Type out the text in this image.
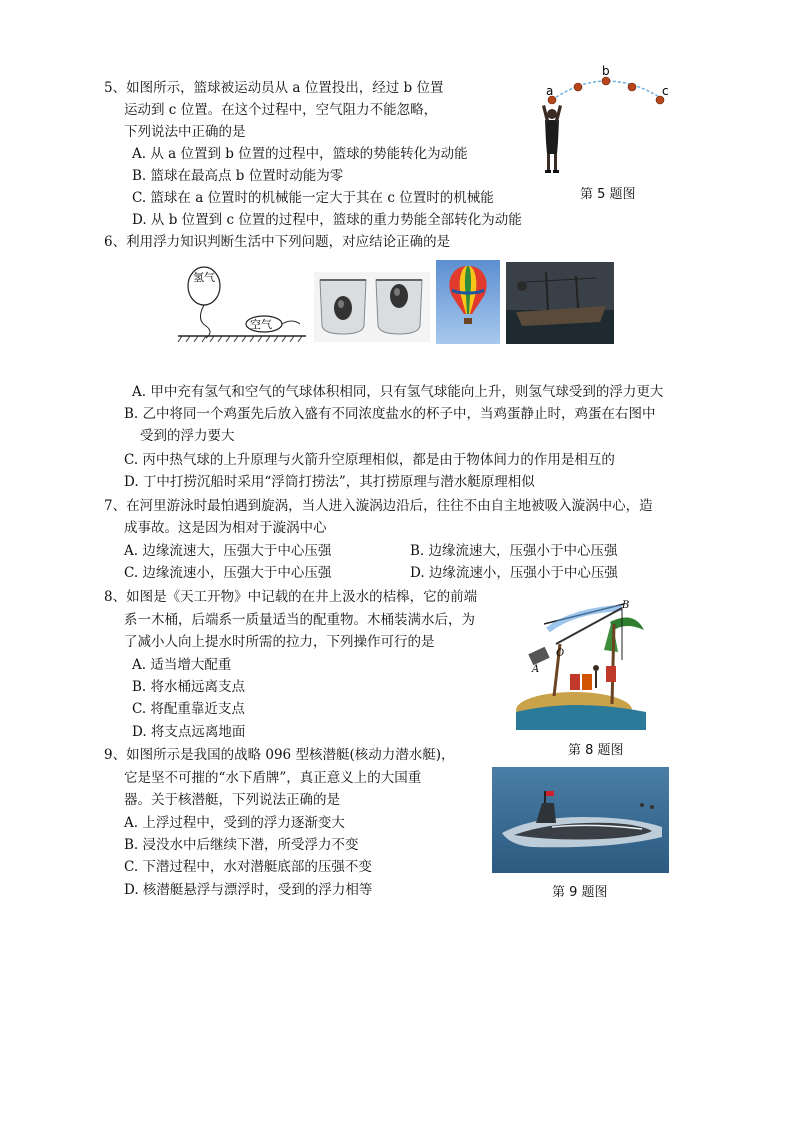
5、如图所示，篮球被运动员从 a 位置投出，经过 b 位置
运动到 c 位置。在这个过程中，空气阻力不能忽略，
下列说法中正确的是
A. 从 a 位置到 b 位置的过程中，篮球的势能转化为动能
B. 篮球在最高点 b 位置时动能为零
C. 篮球在 a 位置时的机械能一定大于其在 c 位置时的机械能
D. 从 b 位置到 c 位置的过程中，篮球的重力势能全部转化为动能
a
b
c
第 5 题图
6、利用浮力知识判断生活中下列问题，对应结论正确的是
氢气
空气
A. 甲中充有氢气和空气的气球体积相同，只有氢气球能向上升，则氢气球受到的浮力更大
B. 乙中将同一个鸡蛋先后放入盛有不同浓度盐水的杯子中，当鸡蛋静止时，鸡蛋在右图中
受到的浮力要大
C. 丙中热气球的上升原理与火箭升空原理相似，都是由于物体间力的作用是相互的
D. 丁中打捞沉船时采用“浮筒打捞法”，其打捞原理与潜水艇原理相似
7、在河里游泳时最怕遇到旋涡，当人进入漩涡边沿后，往往不由自主地被吸入漩涡中心，造
成事故。这是因为相对于漩涡中心
A. 边缘流速大，压强大于中心压强	B. 边缘流速大，压强小于中心压强
C. 边缘流速小，压强大于中心压强	D. 边缘流速小，压强小于中心压强
8、如图是《天工开物》中记载的在井上汲水的桔槔，它的前端
系一木桶，后端系一质量适当的配重物。木桶装满水后，为
了减小人向上提水时所需的拉力，下列操作可行的是
A. 适当增大配重
B. 将水桶远离支点
C. 将配重靠近支点
D. 将支点远离地面
A
O
B
第 8 题图
9、如图所示是我国的战略 096 型核潜艇(核动力潜水艇)，
它是坚不可摧的“水下盾牌”，真正意义上的大国重
器。关于核潜艇，下列说法正确的是
A. 上浮过程中，受到的浮力逐渐变大
B. 浸没水中后继续下潜，所受浮力不变
C. 下潜过程中，水对潜艇底部的压强不变
D. 核潜艇悬浮与漂浮时，受到的浮力相等	第 9 题图
